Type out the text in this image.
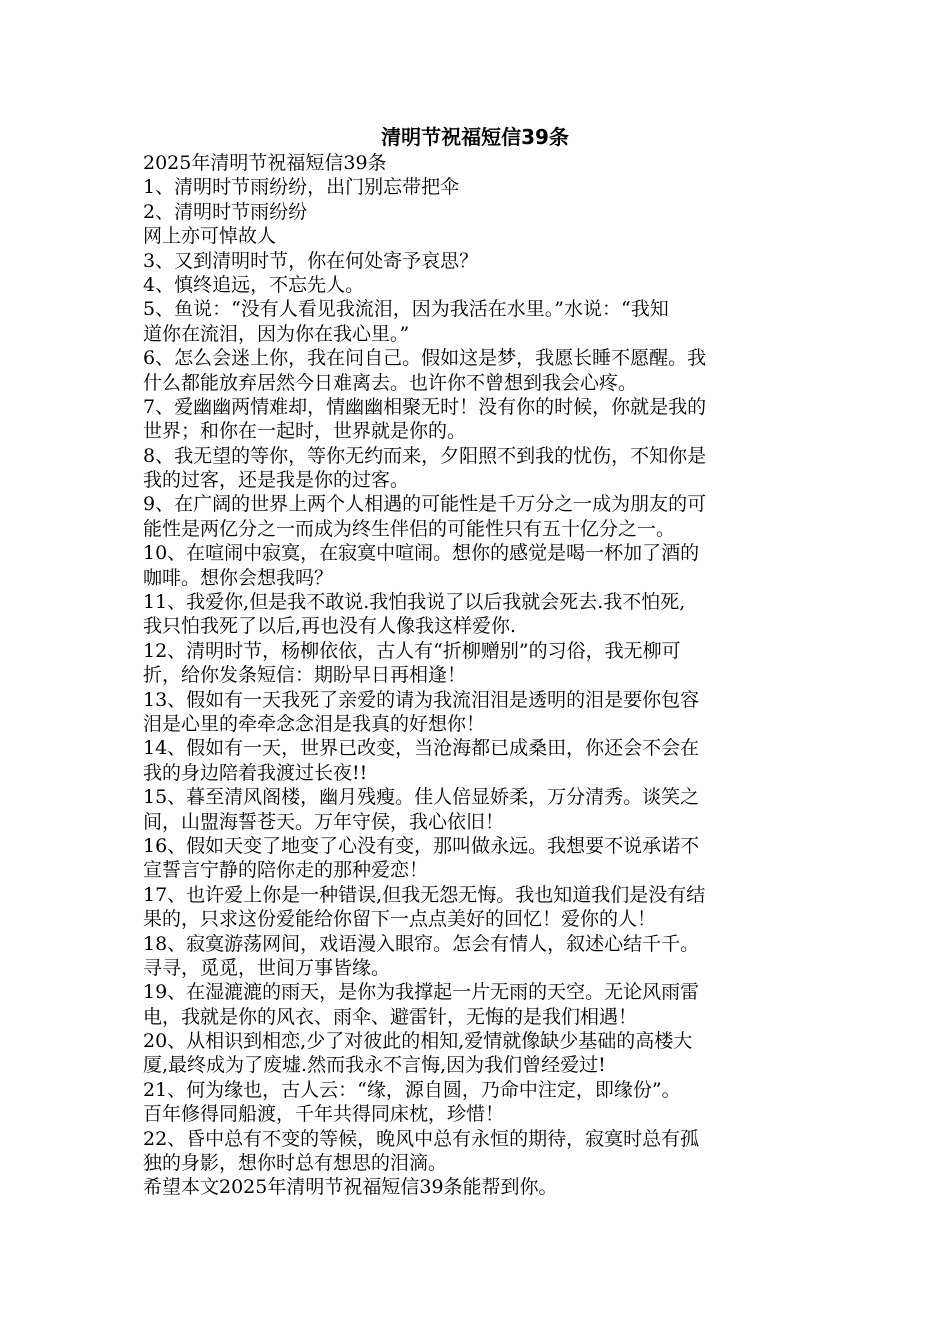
清明节祝福短信39条

2025年清明节祝福短信39条

1、清明时节雨纷纷，出门别忘带把伞

2、清明时节雨纷纷

网上亦可悼故人

3、又到清明时节，你在何处寄予哀思？

4、慎终追远，不忘先人。

5、鱼说：“没有人看见我流泪，因为我活在水里。”水说：“我知

道你在流泪，因为你在我心里。”

6、怎么会迷上你，我在问自己。假如这是梦，我愿长睡不愿醒。我

什么都能放弃居然今日难离去。也许你不曾想到我会心疼。

7、爱幽幽两情难却，情幽幽相聚无时！没有你的时候，你就是我的

世界；和你在一起时，世界就是你的。

8、我无望的等你，等你无约而来，夕阳照不到我的忧伤，不知你是

我的过客，还是我是你的过客。

9、在广阔的世界上两个人相遇的可能性是千万分之一成为朋友的可

能性是两亿分之一而成为终生伴侣的可能性只有五十亿分之一。

10、在喧闹中寂寞，在寂寞中喧闹。想你的感觉是喝一杯加了酒的

咖啡。想你会想我吗？

11、我爱你,但是我不敢说.我怕我说了以后我就会死去.我不怕死,

我只怕我死了以后,再也没有人像我这样爱你.

12、清明时节，杨柳依依，古人有“折柳赠别”的习俗，我无柳可

折，给你发条短信：期盼早日再相逢！

13、假如有一天我死了亲爱的请为我流泪泪是透明的泪是要你包容

泪是心里的牵牵念念泪是我真的好想你！

14、假如有一天，世界已改变，当沧海都已成桑田，你还会不会在

我的身边陪着我渡过长夜!!

15、暮至清风阁楼，幽月残瘦。佳人倍显娇柔，万分清秀。谈笑之

间，山盟海誓苍天。万年守侯，我心依旧！

16、假如天变了地变了心没有变，那叫做永远。我想要不说承诺不

宣誓言宁静的陪你走的那种爱恋！

17、也许爱上你是一种错误,但我无怨无悔。我也知道我们是没有结

果的，只求这份爱能给你留下一点点美好的回忆！爱你的人！

18、寂寞游荡网间，戏语漫入眼帘。怎会有情人，叙述心结千千。

寻寻，觅觅，世间万事皆缘。

19、在湿漉漉的雨天，是你为我撑起一片无雨的天空。无论风雨雷

电，我就是你的风衣、雨伞、避雷针，无悔的是我们相遇！

20、从相识到相恋,少了对彼此的相知,爱情就像缺少基础的高楼大

厦,最终成为了废墟.然而我永不言悔,因为我们曾经爱过!

21、何为缘也，古人云：“缘，源自圆，乃命中注定，即缘份”。

百年修得同船渡，千年共得同床枕，珍惜！

22、昏中总有不变的等候，晚风中总有永恒的期待，寂寞时总有孤

独的身影，想你时总有想思的泪滴。

希望本文2025年清明节祝福短信39条能帮到你。
